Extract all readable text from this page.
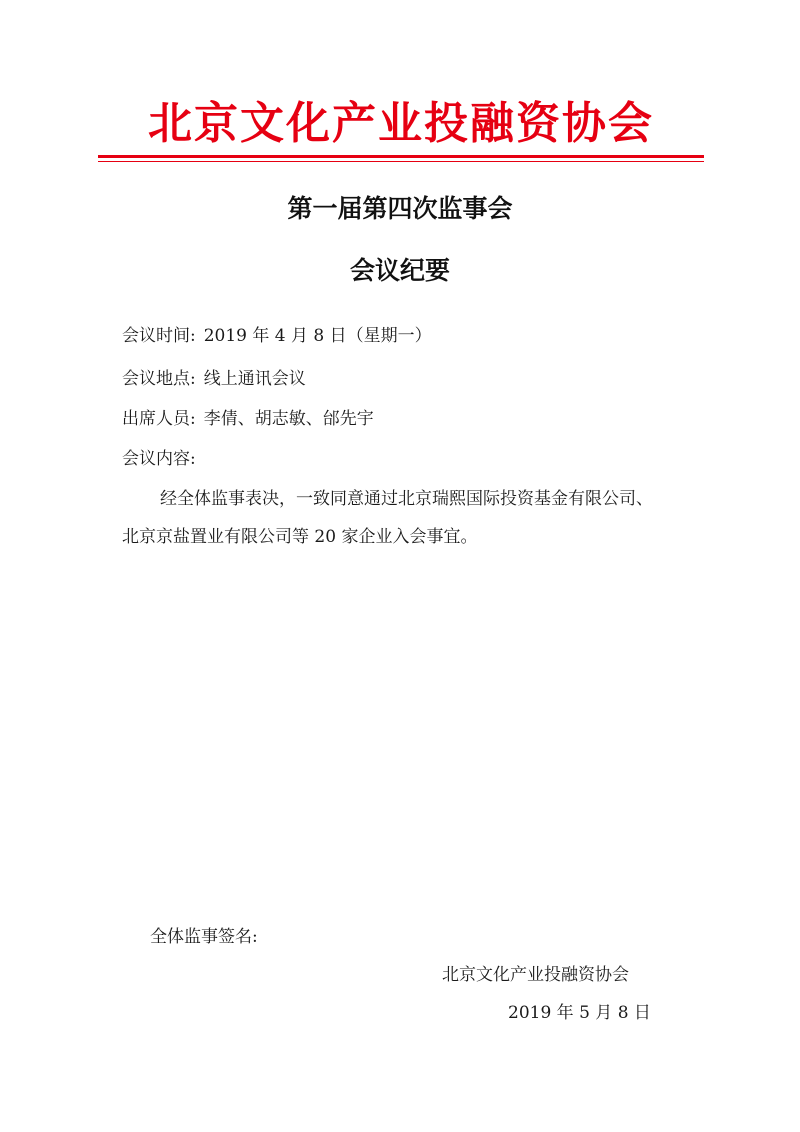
北京文化产业投融资协会
第一届第四次监事会
会议纪要
会议时间: 2019 年 4 月 8 日（星期一）
会议地点: 线上通讯会议
出席人员: 李倩、胡志敏、邰先宇
会议内容:
经全体监事表决，一致同意通过北京瑞熙国际投资基金有限公司、
北京京盐置业有限公司等 20 家企业入会事宜。
全体监事签名:
北京文化产业投融资协会
2019 年 5 月 8 日
